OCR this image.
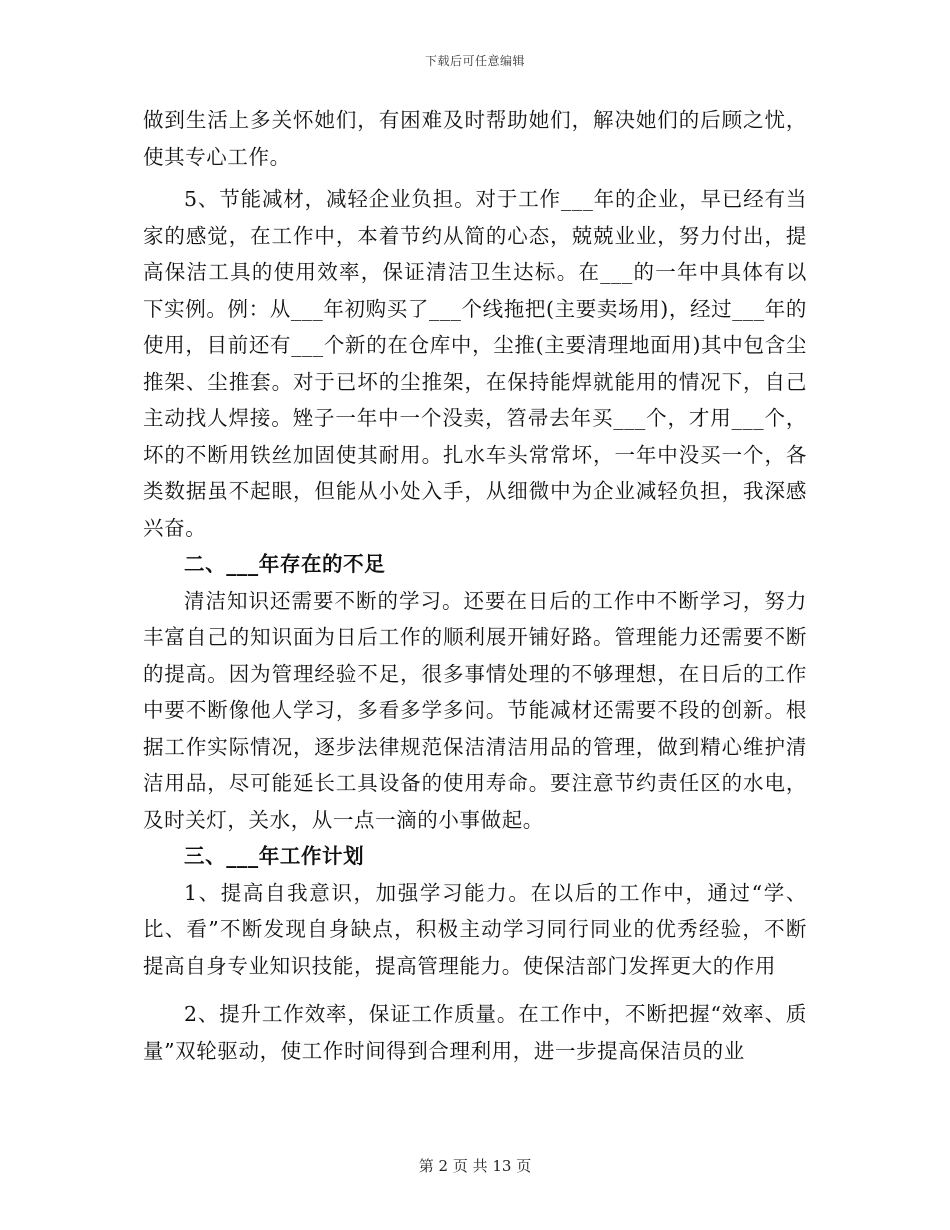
下载后可任意编辑

做到生活上多关怀她们，有困难及时帮助她们，解决她们的后顾之忧，使其专心工作。

5、节能减材，减轻企业负担。对于工作___年的企业，早已经有当家的感觉，在工作中，本着节约从简的心态，兢兢业业，努力付出，提高保洁工具的使用效率，保证清洁卫生达标。在___的一年中具体有以下实例。例：从___年初购买了___个线拖把(主要卖场用)，经过___年的使用，目前还有___个新的在仓库中，尘推(主要清理地面用)其中包含尘推架、尘推套。对于已坏的尘推架，在保持能焊就能用的情况下，自己主动找人焊接。矬子一年中一个没卖，笤帚去年买___个，才用___个，坏的不断用铁丝加固使其耐用。扎水车头常常坏，一年中没买一个，各类数据虽不起眼，但能从小处入手，从细微中为企业减轻负担，我深感兴奋。

二、___年存在的不足

清洁知识还需要不断的学习。还要在日后的工作中不断学习，努力丰富自己的知识面为日后工作的顺利展开铺好路。管理能力还需要不断的提高。因为管理经验不足，很多事情处理的不够理想，在日后的工作中要不断像他人学习，多看多学多问。节能减材还需要不段的创新。根据工作实际情况，逐步法律规范保洁清洁用品的管理，做到精心维护清洁用品，尽可能延长工具设备的使用寿命。要注意节约责任区的水电，及时关灯，关水，从一点一滴的小事做起。

三、___年工作计划

1、提高自我意识，加强学习能力。在以后的工作中，通过“学、比、看”不断发现自身缺点，积极主动学习同行同业的优秀经验，不断提高自身专业知识技能，提高管理能力。使保洁部门发挥更大的作用

2、提升工作效率，保证工作质量。在工作中，不断把握“效率、质量”双轮驱动，使工作时间得到合理利用，进一步提高保洁员的业

第 2 页 共 13 页
